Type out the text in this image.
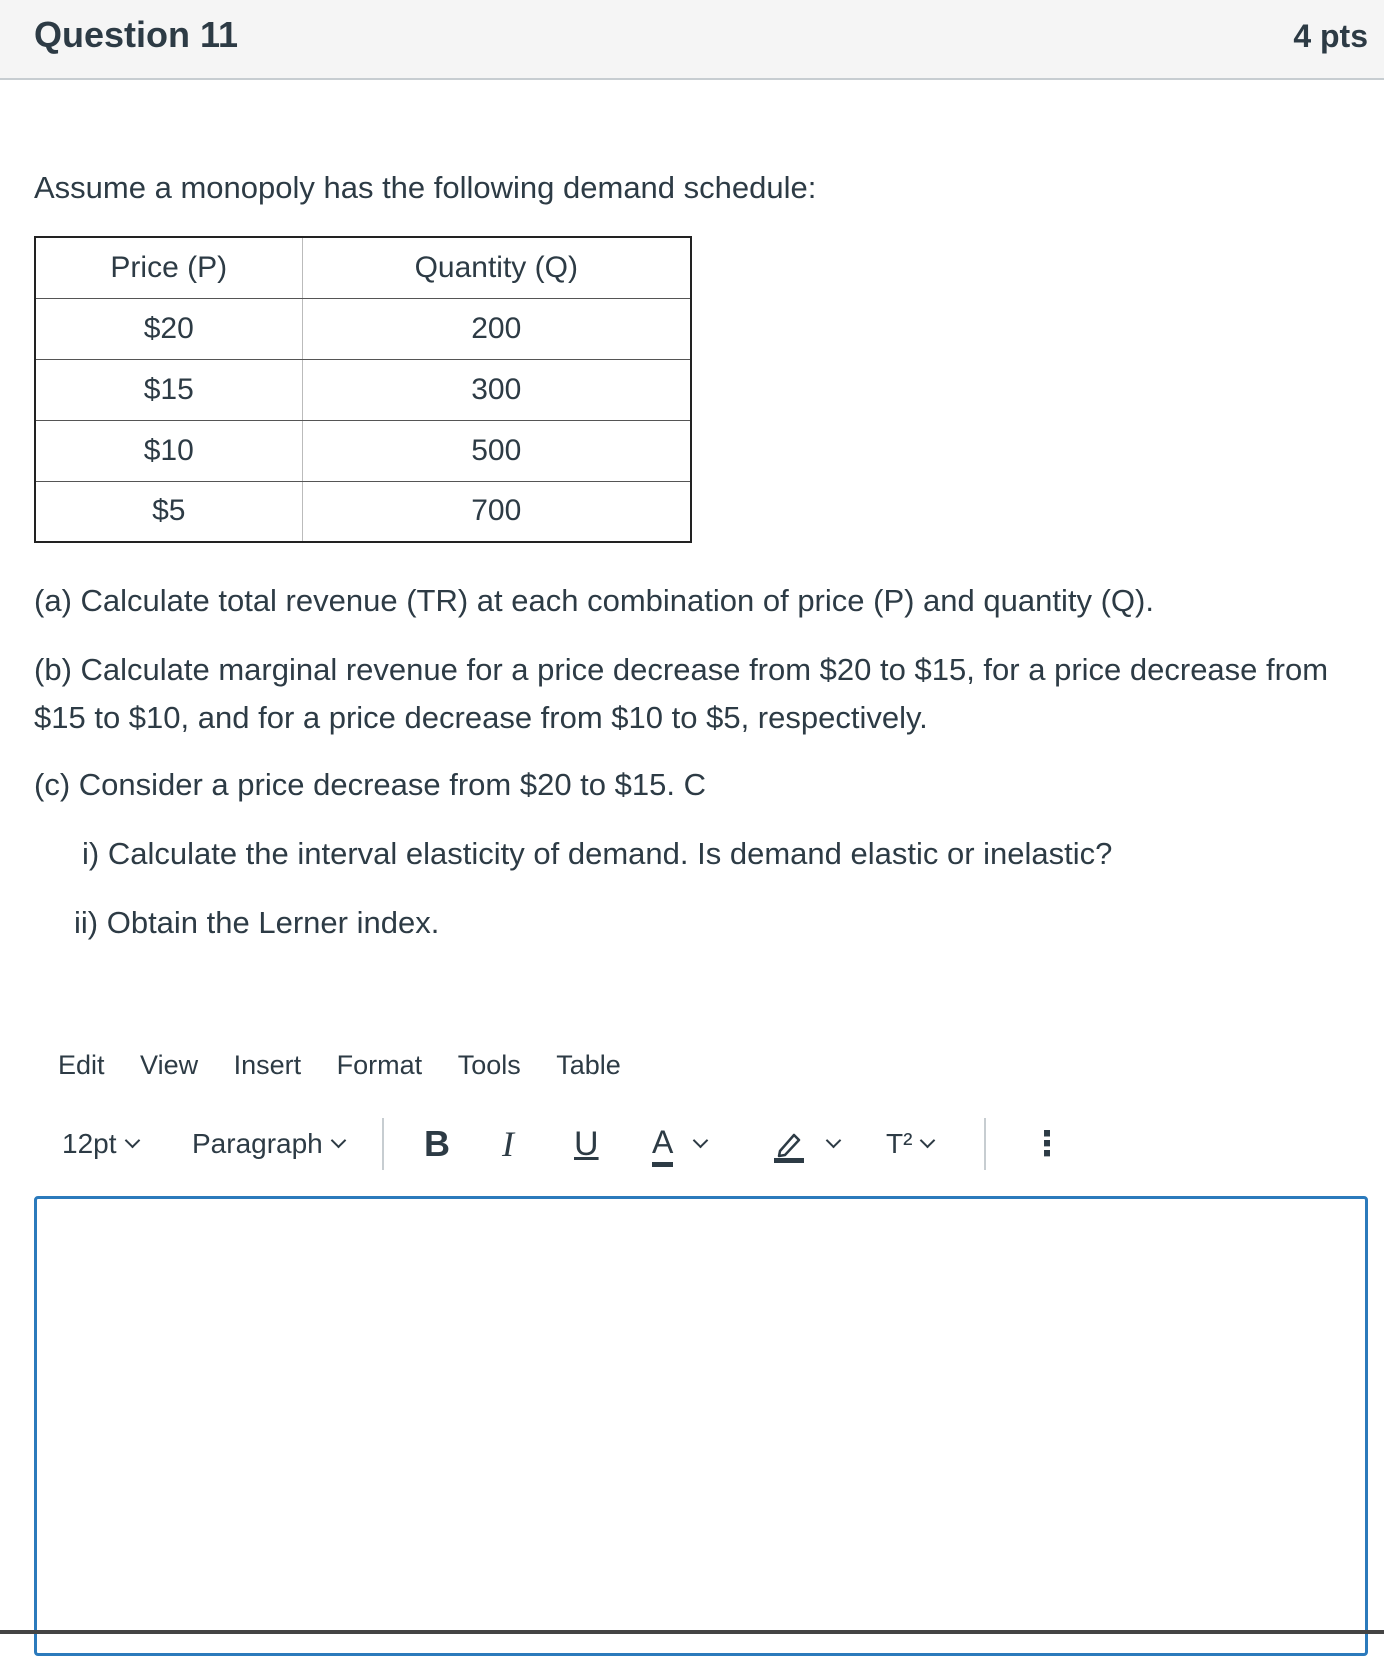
Question 11	4 pts
Assume a monopoly has the following demand schedule:
Price (P)	Quantity (Q)
$20	200
$15	300
$10	500
$5	700
(a) Calculate total revenue (TR) at each combination of price (P) and quantity (Q).
(b) Calculate marginal revenue for a price decrease from $20 to $15, for a price decrease from $15 to $10, and for a price decrease from $10 to $5, respectively.
(c) Consider a price decrease from $20 to $15. C
i) Calculate the interval elasticity of demand. Is demand elastic or inelastic?
ii) Obtain the Lerner index.
Edit View Insert Format Tools Table
12pt	Paragraph	B I U A	T²	⋮
